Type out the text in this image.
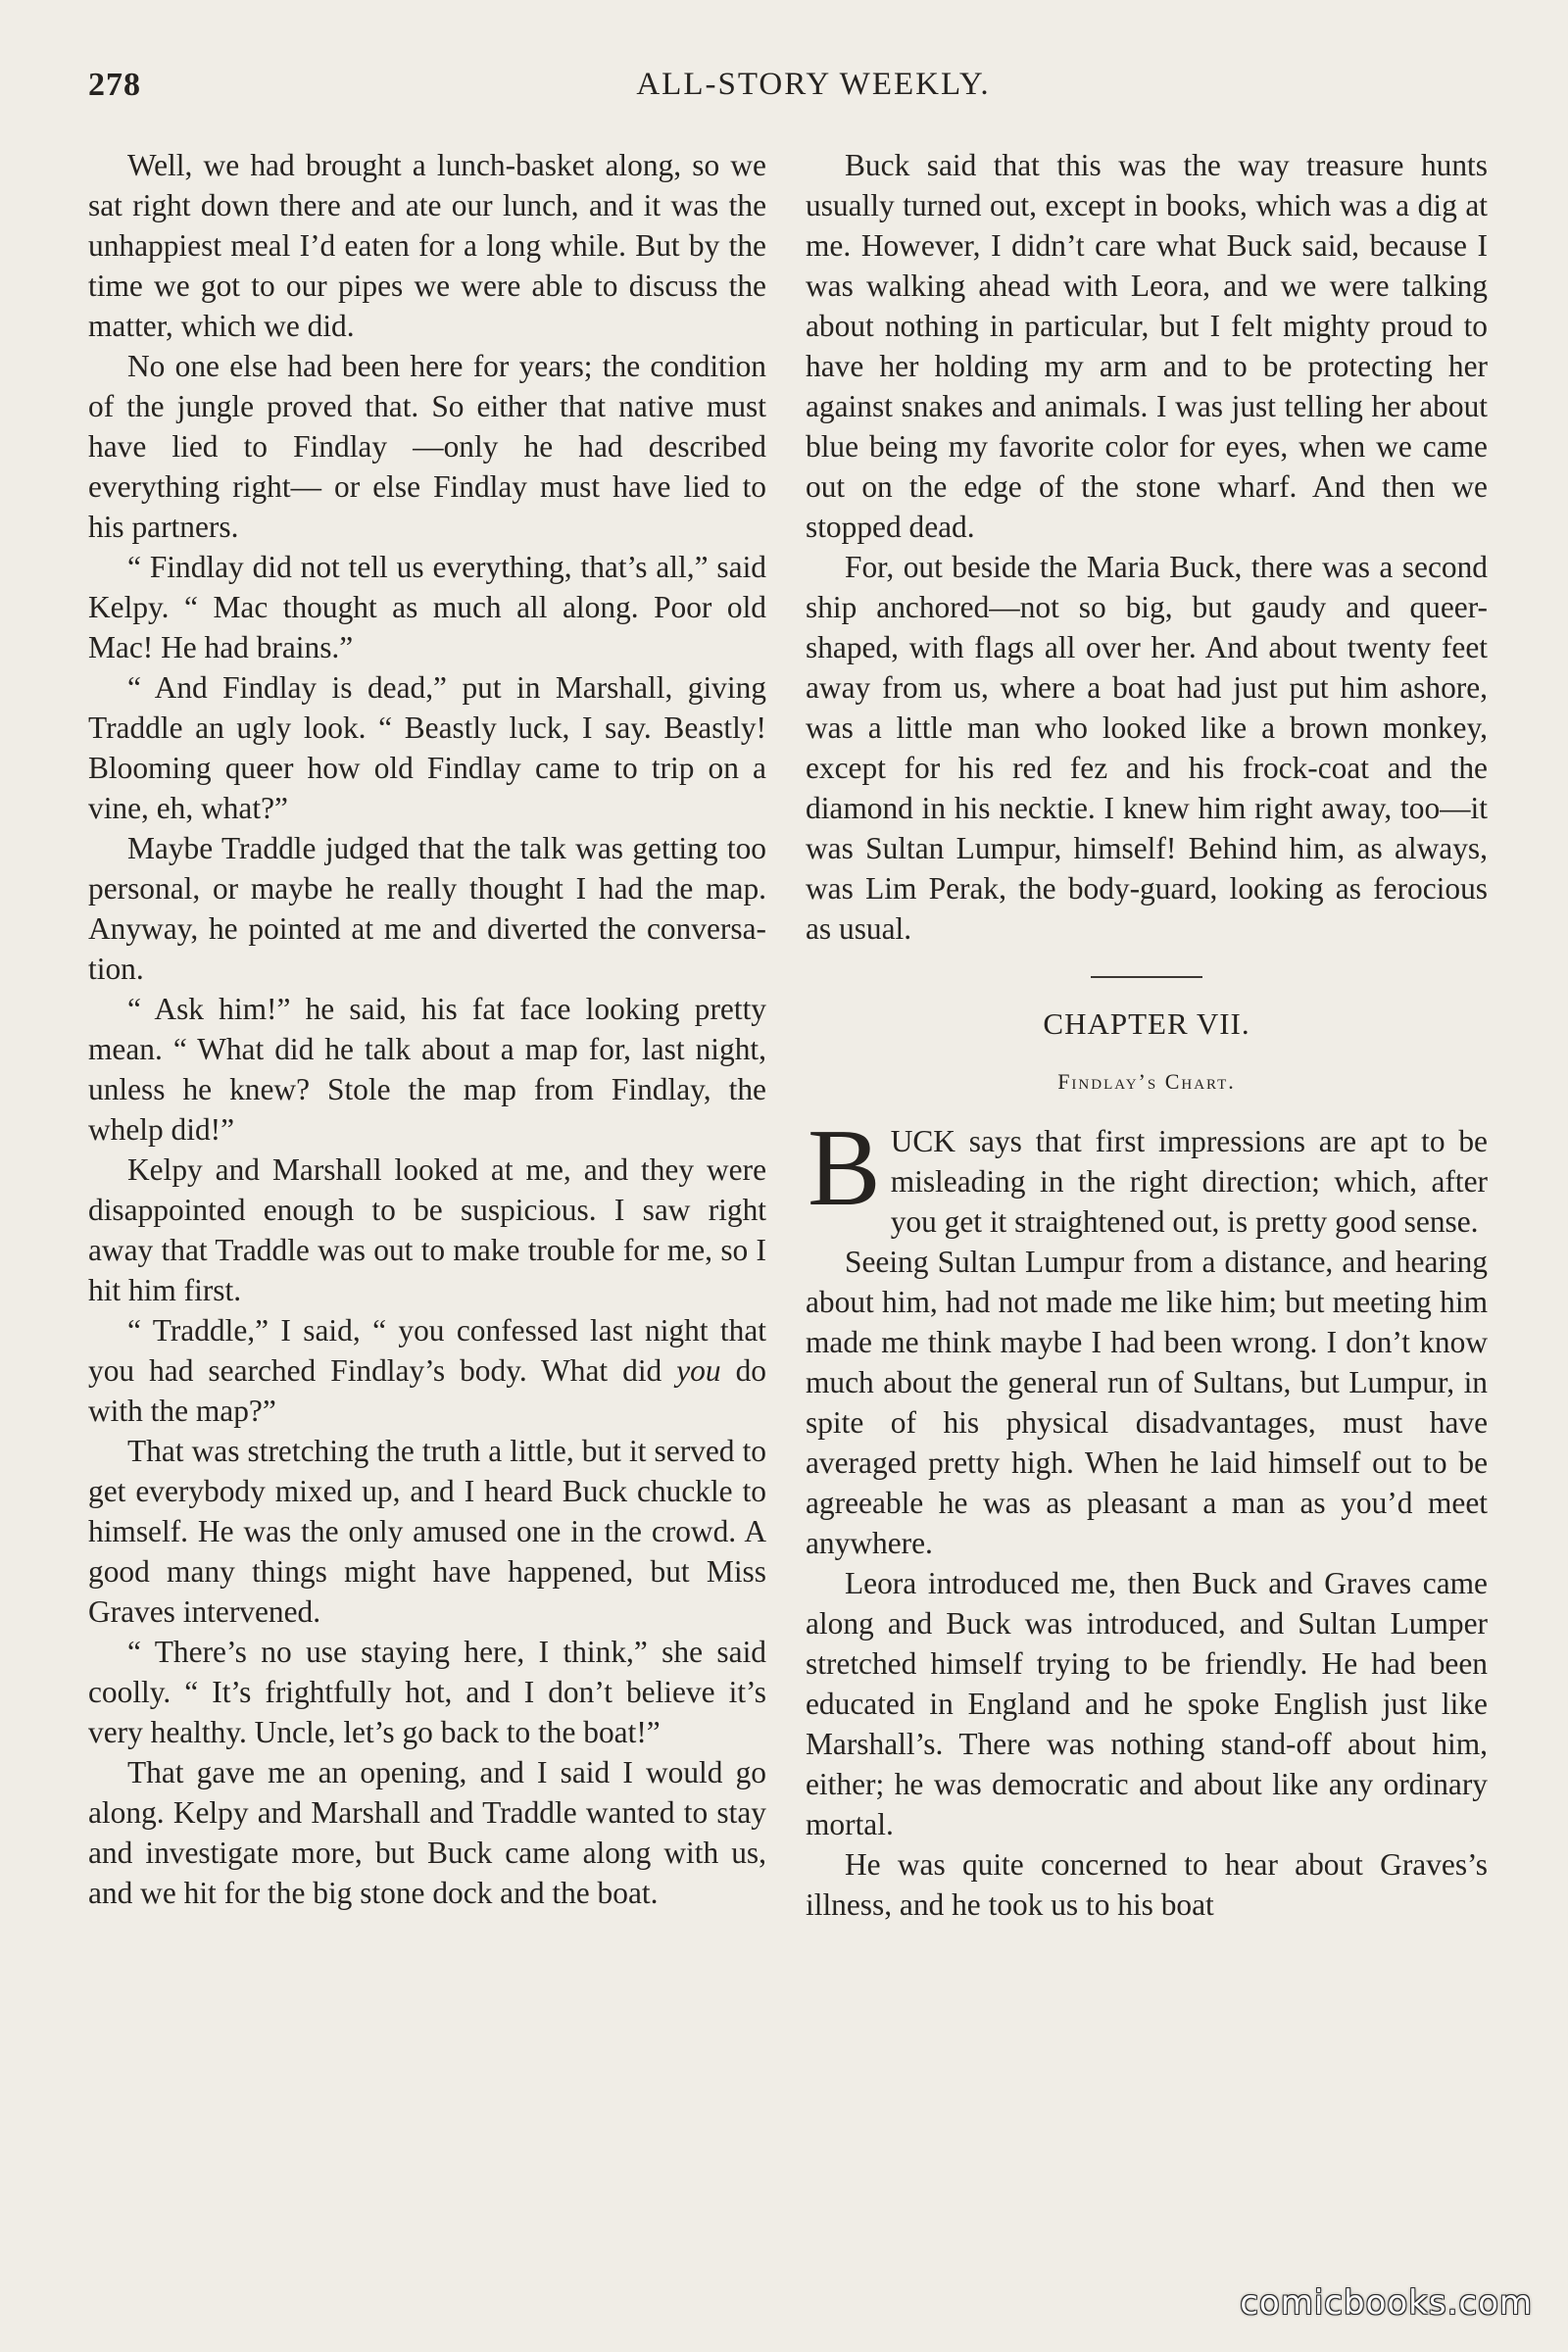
278	ALL-STORY WEEKLY.

Well, we had brought a lunch-basket along, so we sat right down there and ate our lunch, and it was the unhappiest meal I’d eaten for a long while. But by the time we got to our pipes we were able to discuss the matter, which we did.

No one else had been here for years; the condition of the jungle proved that. So either that native must have lied to Findlay —only he had described everything right— or else Findlay must have lied to his partners.

“ Findlay did not tell us everything, that’s all,” said Kelpy. “ Mac thought as much all along. Poor old Mac! He had brains.”

“ And Findlay is dead,” put in Marshall, giving Traddle an ugly look. “ Beastly luck, I say. Beastly! Blooming queer how old Findlay came to trip on a vine, eh, what?”

Maybe Traddle judged that the talk was getting too personal, or maybe he really thought I had the map. Anyway, he pointed at me and diverted the conversation.

“ Ask him!” he said, his fat face looking pretty mean. “ What did he talk about a map for, last night, unless he knew? Stole the map from Findlay, the whelp did!”

Kelpy and Marshall looked at me, and they were disappointed enough to be suspicious. I saw right away that Traddle was out to make trouble for me, so I hit him first.

“ Traddle,” I said, “ you confessed last night that you had searched Findlay’s body. What did you do with the map?”

That was stretching the truth a little, but it served to get everybody mixed up, and I heard Buck chuckle to himself. He was the only amused one in the crowd. A good many things might have happened, but Miss Graves intervened.

“ There’s no use staying here, I think,” she said coolly. “ It’s frightfully hot, and I don’t believe it’s very healthy. Uncle, let’s go back to the boat!”

That gave me an opening, and I said I would go along. Kelpy and Marshall and Traddle wanted to stay and investigate more, but Buck came along with us, and we hit for the big stone dock and the boat.

Buck said that this was the way treasure hunts usually turned out, except in books, which was a dig at me. However, I didn’t care what Buck said, because I was walking ahead with Leora, and we were talking about nothing in particular, but I felt mighty proud to have her holding my arm and to be protecting her against snakes and animals. I was just telling her about blue being my favorite color for eyes, when we came out on the edge of the stone wharf. And then we stopped dead.

For, out beside the Maria Buck, there was a second ship anchored—not so big, but gaudy and queer-shaped, with flags all over her. And about twenty feet away from us, where a boat had just put him ashore, was a little man who looked like a brown monkey, except for his red fez and his frock-coat and the diamond in his necktie. I knew him right away, too—it was Sultan Lumpur, himself! Behind him, as always, was Lim Perak, the body-guard, looking as ferocious as usual.

CHAPTER VII.
Findlay’s Chart.

BUCK says that first impressions are apt to be misleading in the right direction; which, after you get it straightened out, is pretty good sense.

Seeing Sultan Lumpur from a distance, and hearing about him, had not made me like him; but meeting him made me think maybe I had been wrong. I don’t know much about the general run of Sultans, but Lumpur, in spite of his physical disadvantages, must have averaged pretty high. When he laid himself out to be agreeable he was as pleasant a man as you’d meet anywhere.

Leora introduced me, then Buck and Graves came along and Buck was introduced, and Sultan Lumper stretched himself trying to be friendly. He had been educated in England and he spoke English just like Marshall’s. There was nothing stand-off about him, either; he was democratic and about like any ordinary mortal.

He was quite concerned to hear about Graves’s illness, and he took us to his boat

comicbooks.com
